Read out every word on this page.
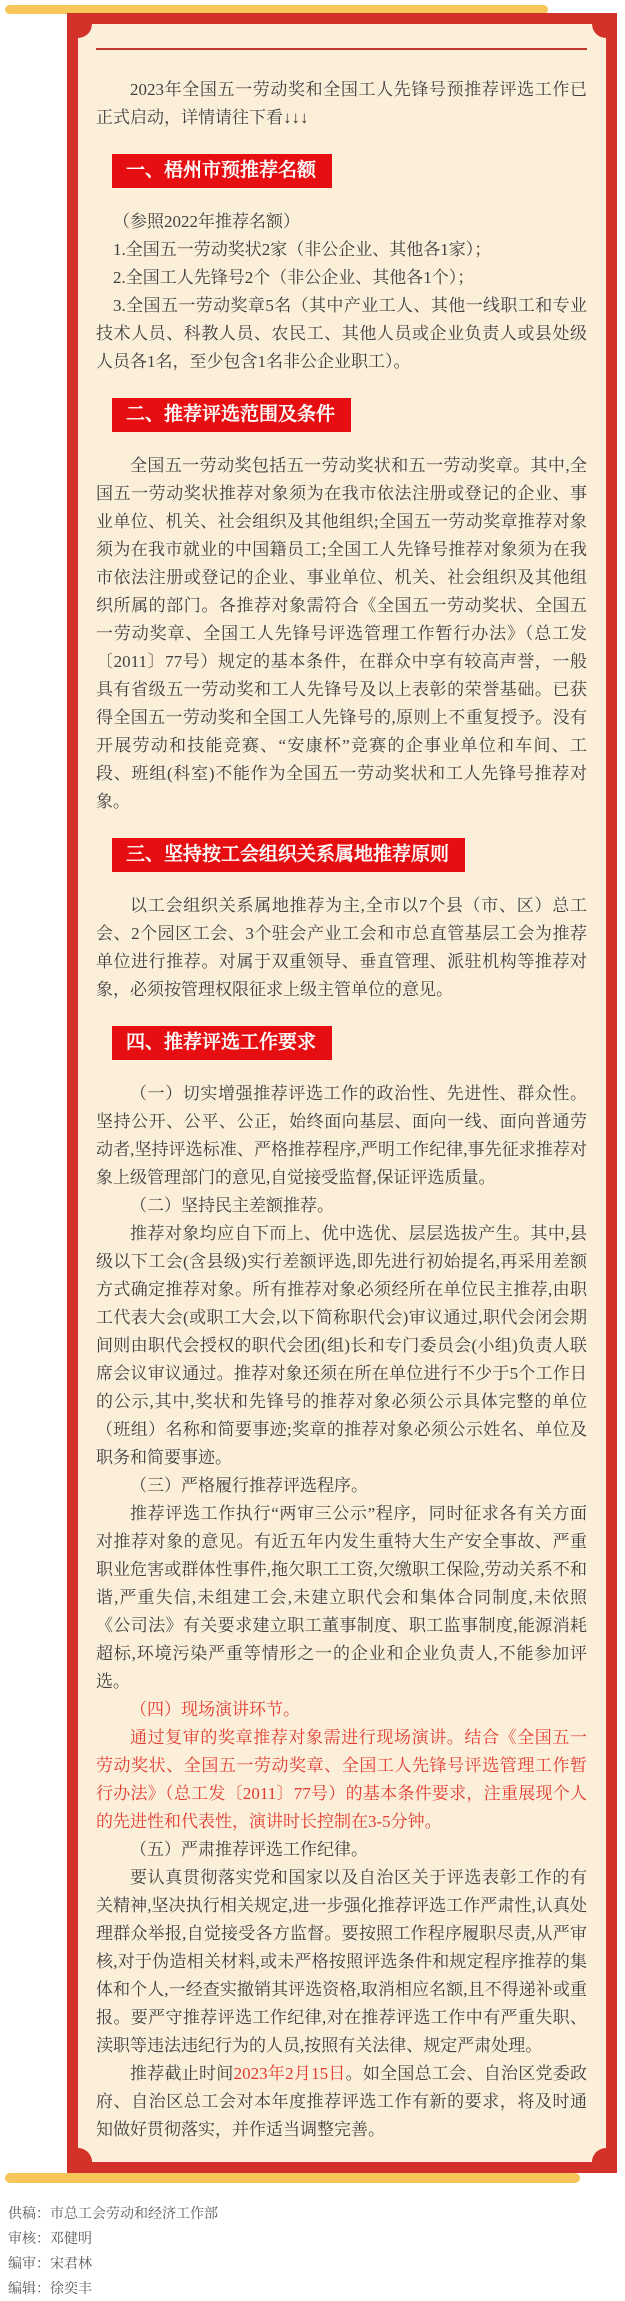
2023年全国五一劳动奖和全国工人先锋号预推荐评选工作已正式启动，详情请往下看↓↓↓

一、梧州市预推荐名额

（参照2022年推荐名额）

1.全国五一劳动奖状2家（非公企业、其他各1家）；

2.全国工人先锋号2个（非公企业、其他各1个）；

3.全国五一劳动奖章5名（其中产业工人、其他一线职工和专业技术人员、科教人员、农民工、其他人员或企业负责人或县处级人员各1名，至少包含1名非公企业职工）。

二、推荐评选范围及条件

全国五一劳动奖包括五一劳动奖状和五一劳动奖章。其中,全国五一劳动奖状推荐对象须为在我市依法注册或登记的企业、事业单位、机关、社会组织及其他组织;全国五一劳动奖章推荐对象须为在我市就业的中国籍员工;全国工人先锋号推荐对象须为在我市依法注册或登记的企业、事业单位、机关、社会组织及其他组织所属的部门。各推荐对象需符合《全国五一劳动奖状、全国五一劳动奖章、全国工人先锋号评选管理工作暂行办法》（总工发〔2011〕77号）规定的基本条件，在群众中享有较高声誉，一般具有省级五一劳动奖和工人先锋号及以上表彰的荣誉基础。已获得全国五一劳动奖和全国工人先锋号的,原则上不重复授予。没有开展劳动和技能竞赛、“安康杯”竞赛的企事业单位和车间、工段、班组(科室)不能作为全国五一劳动奖状和工人先锋号推荐对象。

三、坚持按工会组织关系属地推荐原则

以工会组织关系属地推荐为主,全市以7个县（市、区）总工会、2个园区工会、3个驻会产业工会和市总直管基层工会为推荐单位进行推荐。对属于双重领导、垂直管理、派驻机构等推荐对象，必须按管理权限征求上级主管单位的意见。

四、推荐评选工作要求

（一）切实增强推荐评选工作的政治性、先进性、群众性。坚持公开、公平、公正，始终面向基层、面向一线、面向普通劳动者,坚持评选标准、严格推荐程序,严明工作纪律,事先征求推荐对象上级管理部门的意见,自觉接受监督,保证评选质量。

（二）坚持民主差额推荐。

推荐对象均应自下而上、优中选优、层层选拔产生。其中,县级以下工会(含县级)实行差额评选,即先进行初始提名,再采用差额方式确定推荐对象。所有推荐对象必须经所在单位民主推荐,由职工代表大会(或职工大会,以下简称职代会)审议通过,职代会闭会期间则由职代会授权的职代会团(组)长和专门委员会(小组)负责人联席会议审议通过。推荐对象还须在所在单位进行不少于5个工作日的公示,其中,奖状和先锋号的推荐对象必须公示具体完整的单位（班组）名称和简要事迹;奖章的推荐对象必须公示姓名、单位及职务和简要事迹。

（三）严格履行推荐评选程序。

推荐评选工作执行“两审三公示”程序，同时征求各有关方面对推荐对象的意见。有近五年内发生重特大生产安全事故、严重职业危害或群体性事件,拖欠职工工资,欠缴职工保险,劳动关系不和谐,严重失信,未组建工会,未建立职代会和集体合同制度,未依照《公司法》有关要求建立职工董事制度、职工监事制度,能源消耗超标,环境污染严重等情形之一的企业和企业负责人,不能参加评选。

（四）现场演讲环节。

通过复审的奖章推荐对象需进行现场演讲。结合《全国五一劳动奖状、全国五一劳动奖章、全国工人先锋号评选管理工作暂行办法》（总工发〔2011〕77号）的基本条件要求，注重展现个人的先进性和代表性，演讲时长控制在3-5分钟。

（五）严肃推荐评选工作纪律。

要认真贯彻落实党和国家以及自治区关于评选表彰工作的有关精神,坚决执行相关规定,进一步强化推荐评选工作严肃性,认真处理群众举报,自觉接受各方监督。要按照工作程序履职尽责,从严审核,对于伪造相关材料,或未严格按照评选条件和规定程序推荐的集体和个人,一经查实撤销其评选资格,取消相应名额,且不得递补或重报。要严守推荐评选工作纪律,对在推荐评选工作中有严重失职、渎职等违法违纪行为的人员,按照有关法律、规定严肃处理。

推荐截止时间2023年2月15日。如全国总工会、自治区党委政府、自治区总工会对本年度推荐评选工作有新的要求，将及时通知做好贯彻落实，并作适当调整完善。

供稿：市总工会劳动和经济工作部
审核：邓健明
编审：宋君林
编辑：徐奕丰
